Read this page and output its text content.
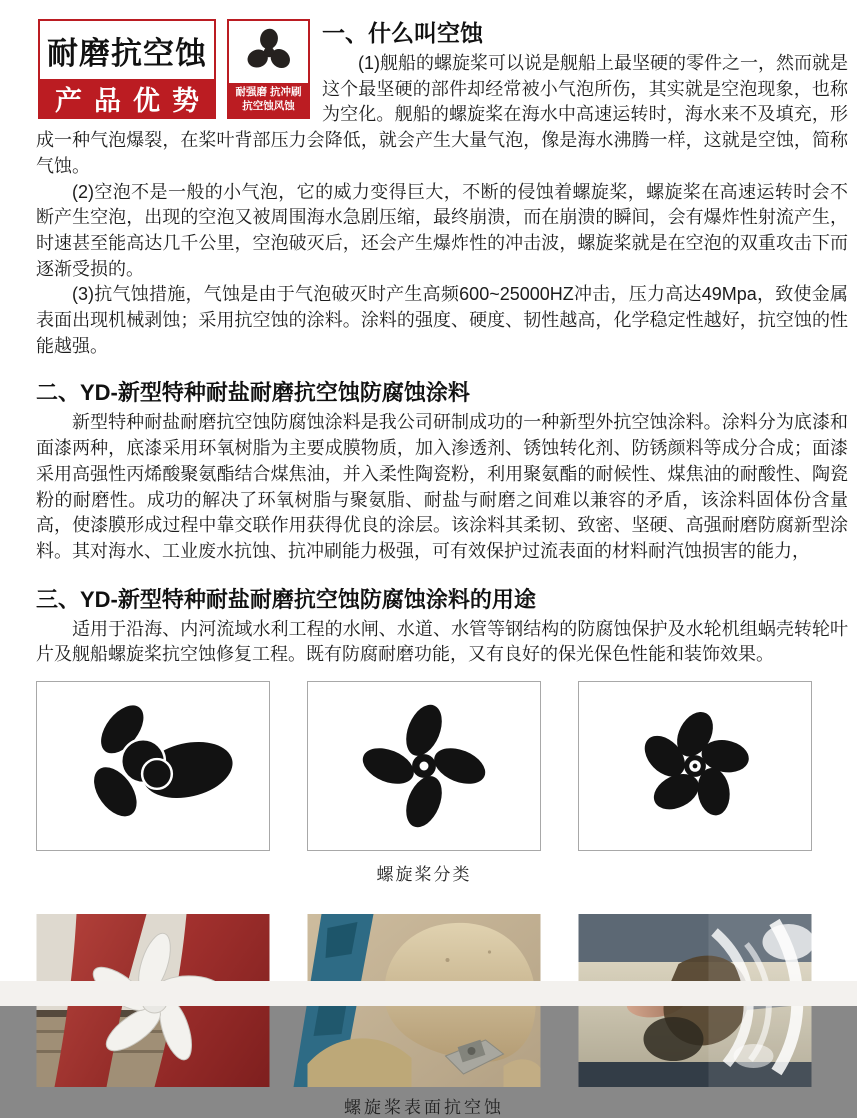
耐磨抗空蚀
产品优势 耐强磨 抗冲刷
抗空蚀风蚀
一、什么叫空蚀

(1)舰船的螺旋桨可以说是舰船上最坚硬的零件之一，然而就是这个最坚硬的部件却经常被小气泡所伤，其实就是空泡现象，也称为空化。舰船的螺旋桨在海水中高速运转时，海水来不及填充，形成一种气泡爆裂，在桨叶背部压力会降低，就会产生大量气泡，像是海水沸腾一样，这就是空蚀，简称气蚀。

(2)空泡不是一般的小气泡，它的威力变得巨大，不断的侵蚀着螺旋桨，螺旋桨在高速运转时会不断产生空泡，出现的空泡又被周围海水急剧压缩，最终崩溃，而在崩溃的瞬间，会有爆炸性射流产生，时速甚至能高达几千公里，空泡破灭后，还会产生爆炸性的冲击波，螺旋桨就是在空泡的双重攻击下而逐渐受损的。

(3)抗气蚀措施，气蚀是由于气泡破灭时产生高频600~25000HZ冲击，压力高达49Mpa，致使金属表面出现机械剥蚀；采用抗空蚀的涂料。涂料的强度、硬度、韧性越高，化学稳定性越好，抗空蚀的性能越强。

二、YD-新型特种耐盐耐磨抗空蚀防腐蚀涂料

新型特种耐盐耐磨抗空蚀防腐蚀涂料是我公司研制成功的一种新型外抗空蚀涂料。涂料分为底漆和面漆两种，底漆采用环氧树脂为主要成膜物质，加入渗透剂、锈蚀转化剂、防锈颜料等成分合成；面漆采用高强性丙烯酸聚氨酯结合煤焦油，并入柔性陶瓷粉，利用聚氨酯的耐候性、煤焦油的耐酸性、陶瓷粉的耐磨性。成功的解决了环氧树脂与聚氨脂、耐盐与耐磨之间难以兼容的矛盾，该涂料固体份含量高，使漆膜形成过程中靠交联作用获得优良的涂层。该涂料其柔韧、致密、坚硬、高强耐磨防腐新型涂料。其对海水、工业废水抗蚀、抗冲刷能力极强，可有效保护过流表面的材料耐汽蚀损害的能力，

三、YD-新型特种耐盐耐磨抗空蚀防腐蚀涂料的用途

适用于沿海、内河流域水利工程的水闸、水道、水管等钢结构的防腐蚀保护及水轮机组蜗壳转轮叶片及舰船螺旋桨抗空蚀修复工程。既有防腐耐磨功能，又有良好的保光保色性能和装饰效果。

螺旋桨分类
螺旋桨表面抗空蚀
